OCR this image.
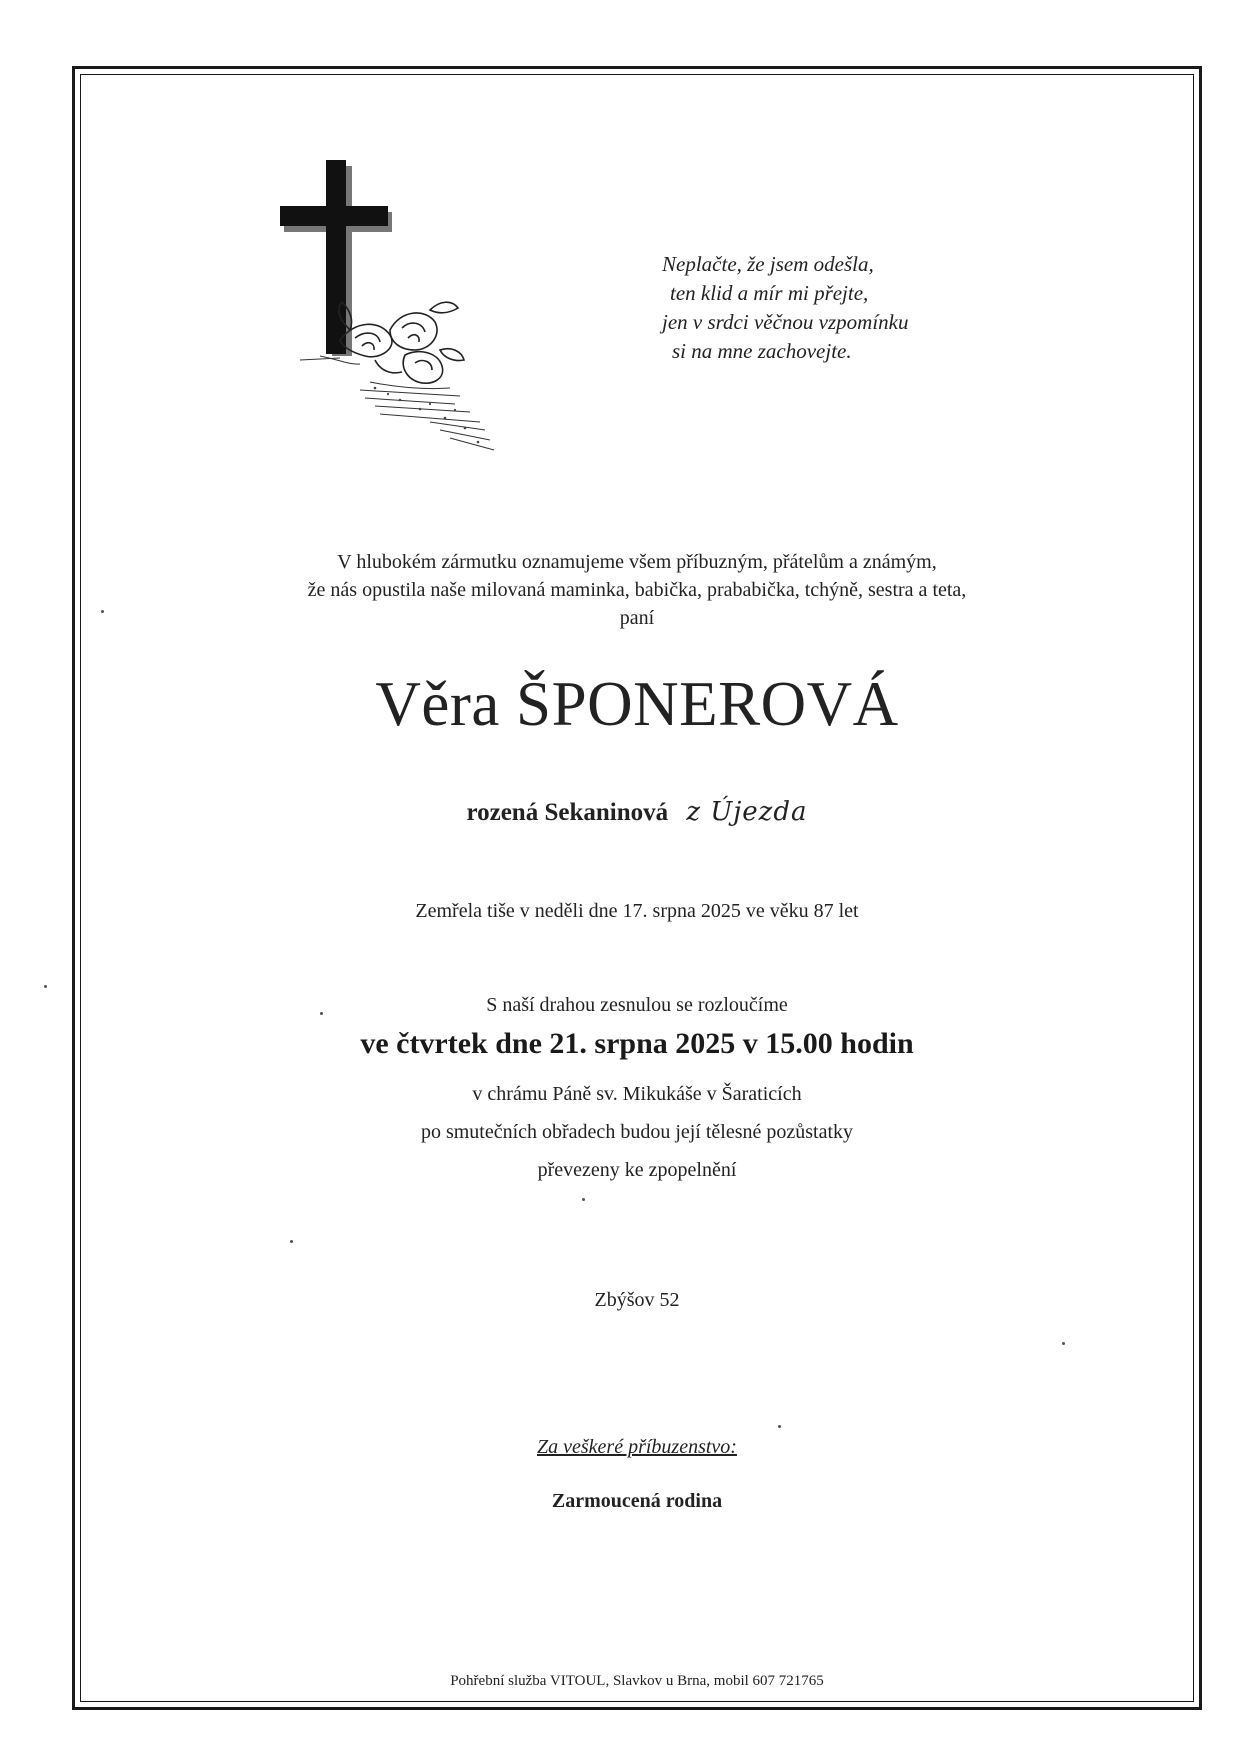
Neplačte, že jsem odešla,
ten klid a mír mi přejte,
jen v srdci věčnou vzpomínku
si na mne zachovejte.
V hlubokém zármutku oznamujeme všem příbuzným, přátelům a známým,
že nás opustila naše milovaná maminka, babička, prababička, tchýně, sestra a teta,
paní
Věra ŠPONEROVÁ
rozená Sekaninová z Újezda
Zemřela tiše v neděli dne 17. srpna 2025 ve věku 87 let
S naší drahou zesnulou se rozloučíme
ve čtvrtek dne 21. srpna 2025 v 15.00 hodin
v chrámu Páně sv. Mikukáše v Šaraticích
po smutečních obřadech budou její tělesné pozůstatky
převezeny ke zpopelnění
Zbýšov 52
Za veškeré příbuzenstvo:
Zarmoucená rodina
Pohřební služba VITOUL, Slavkov u Brna, mobil 607 721765
